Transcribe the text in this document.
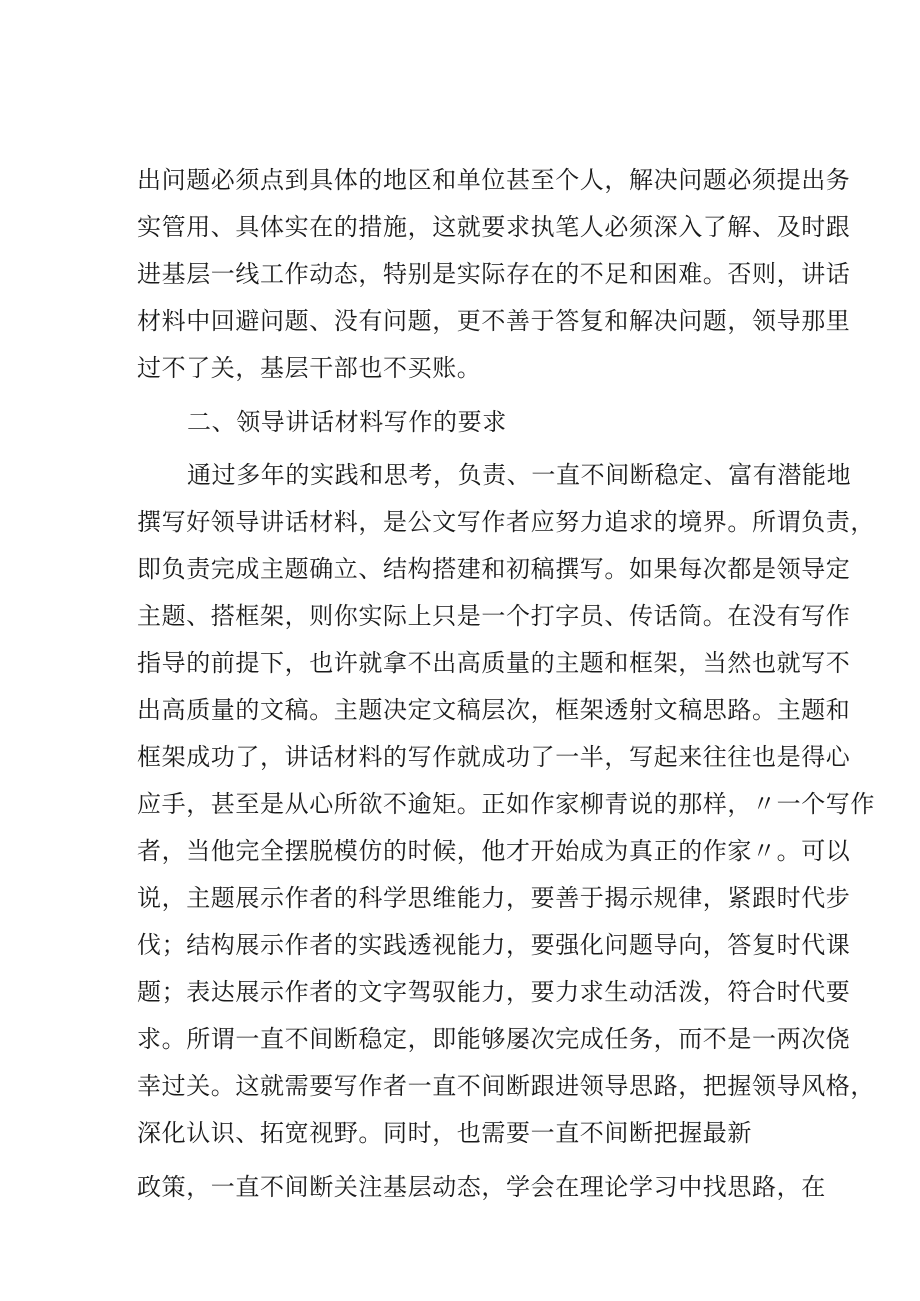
出问题必须点到具体的地区和单位甚至个人，解决问题必须提出务
实管用、具体实在的措施，这就要求执笔人必须深入了解、及时跟
进基层一线工作动态，特别是实际存在的不足和困难。否则，讲话
材料中回避问题、没有问题，更不善于答复和解决问题，领导那里
过不了关，基层干部也不买账。
二、领导讲话材料写作的要求
通过多年的实践和思考，负责、一直不间断稳定、富有潜能地
撰写好领导讲话材料，是公文写作者应努力追求的境界。所谓负责，
即负责完成主题确立、结构搭建和初稿撰写。如果每次都是领导定
主题、搭框架，则你实际上只是一个打字员、传话筒。在没有写作
指导的前提下，也许就拿不出高质量的主题和框架，当然也就写不
出高质量的文稿。主题决定文稿层次，框架透射文稿思路。主题和
框架成功了，讲话材料的写作就成功了一半，写起来往往也是得心
应手，甚至是从心所欲不逾矩。正如作家柳青说的那样，〃一个写作
者，当他完全摆脱模仿的时候，他才开始成为真正的作家〃。可以
说，主题展示作者的科学思维能力，要善于揭示规律，紧跟时代步
伐；结构展示作者的实践透视能力，要强化问题导向，答复时代课
题；表达展示作者的文字驾驭能力，要力求生动活泼，符合时代要
求。所谓一直不间断稳定，即能够屡次完成任务，而不是一两次侥
幸过关。这就需要写作者一直不间断跟进领导思路，把握领导风格，
深化认识、拓宽视野。同时，也需要一直不间断把握最新
政策，一直不间断关注基层动态，学会在理论学习中找思路，在
